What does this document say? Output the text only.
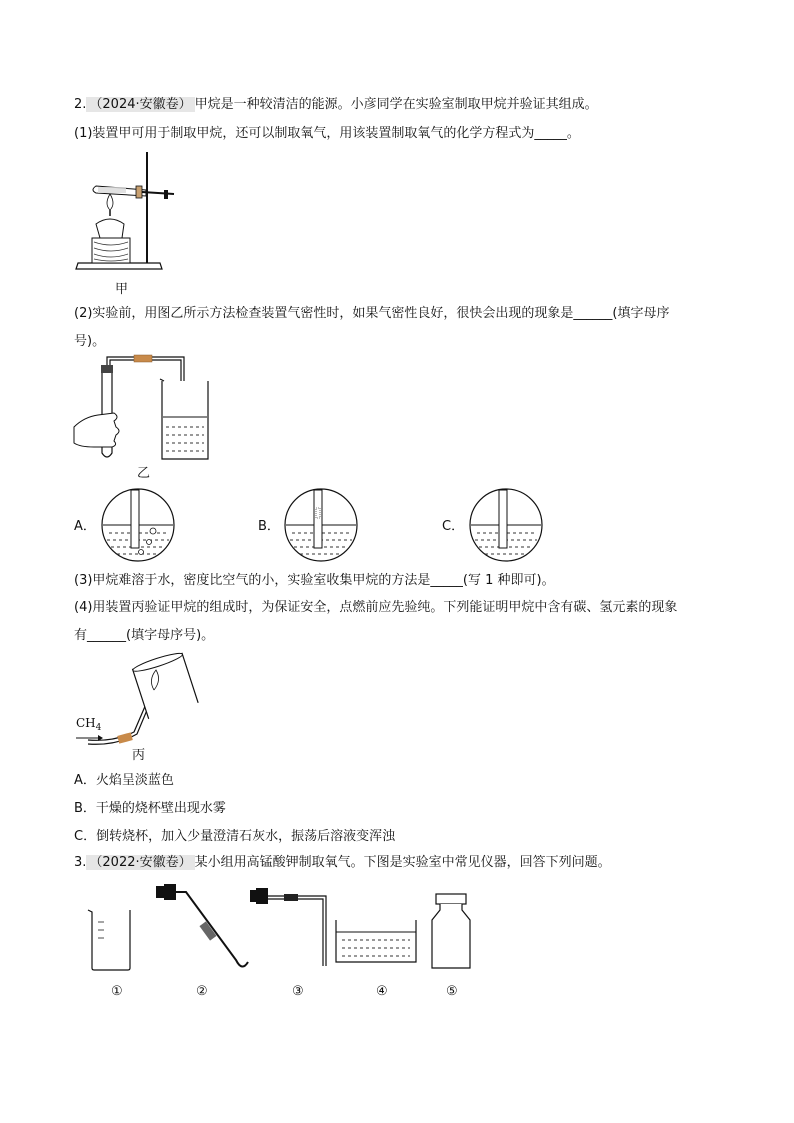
2. （2024·安徽卷） 甲烷是一种较清洁的能源。小彦同学在实验室制取甲烷并验证其组成。
(1)装置甲可用于制取甲烷，还可以制取氧气，用该装置制取氧气的化学方程式为_____。
甲
(2)实验前，用图乙所示方法检查装置气密性时，如果气密性良好，很快会出现的现象是______(填字母序
号)。
乙
A．	B．	C．
(3)甲烷难溶于水，密度比空气的小，实验室收集甲烷的方法是_____(写 1 种即可)。
(4)用装置丙验证甲烷的组成时，为保证安全，点燃前应先验纯。下列能证明甲烷中含有碳、氢元素的现象
有______(填字母序号)。
$CH_4$
丙
A．火焰呈淡蓝色
B．干燥的烧杯壁出现水雾
C．倒转烧杯，加入少量澄清石灰水，振荡后溶液变浑浊
3. （2022·安徽卷） 某小组用高锰酸钾制取氧气。下图是实验室中常见仪器，回答下列问题。
①	②	③	④	⑤
